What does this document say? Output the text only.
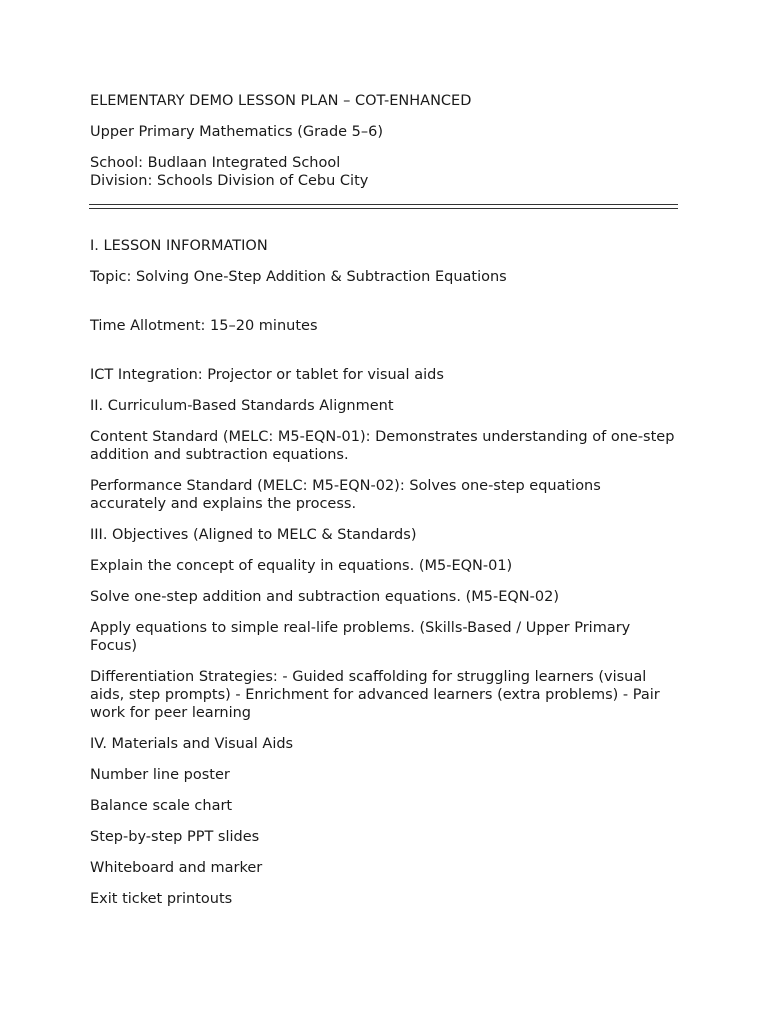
ELEMENTARY DEMO LESSON PLAN – COT-ENHANCED

Upper Primary Mathematics (Grade 5–6)

School: Budlaan Integrated School

Division: Schools Division of Cebu City

I. LESSON INFORMATION

Topic: Solving One-Step Addition & Subtraction Equations

Time Allotment: 15–20 minutes

ICT Integration: Projector or tablet for visual aids

II. Curriculum-Based Standards Alignment

Content Standard (MELC: M5-EQN-01): Demonstrates understanding of one-step addition and subtraction equations.

Performance Standard (MELC: M5-EQN-02): Solves one-step equations accurately and explains the process.

III. Objectives (Aligned to MELC & Standards)

Explain the concept of equality in equations. (M5-EQN-01)

Solve one-step addition and subtraction equations. (M5-EQN-02)

Apply equations to simple real-life problems. (Skills-Based / Upper Primary Focus)

Differentiation Strategies: - Guided scaffolding for struggling learners (visual aids, step prompts) - Enrichment for advanced learners (extra problems) - Pair work for peer learning

IV. Materials and Visual Aids

Number line poster

Balance scale chart

Step-by-step PPT slides

Whiteboard and marker

Exit ticket printouts
